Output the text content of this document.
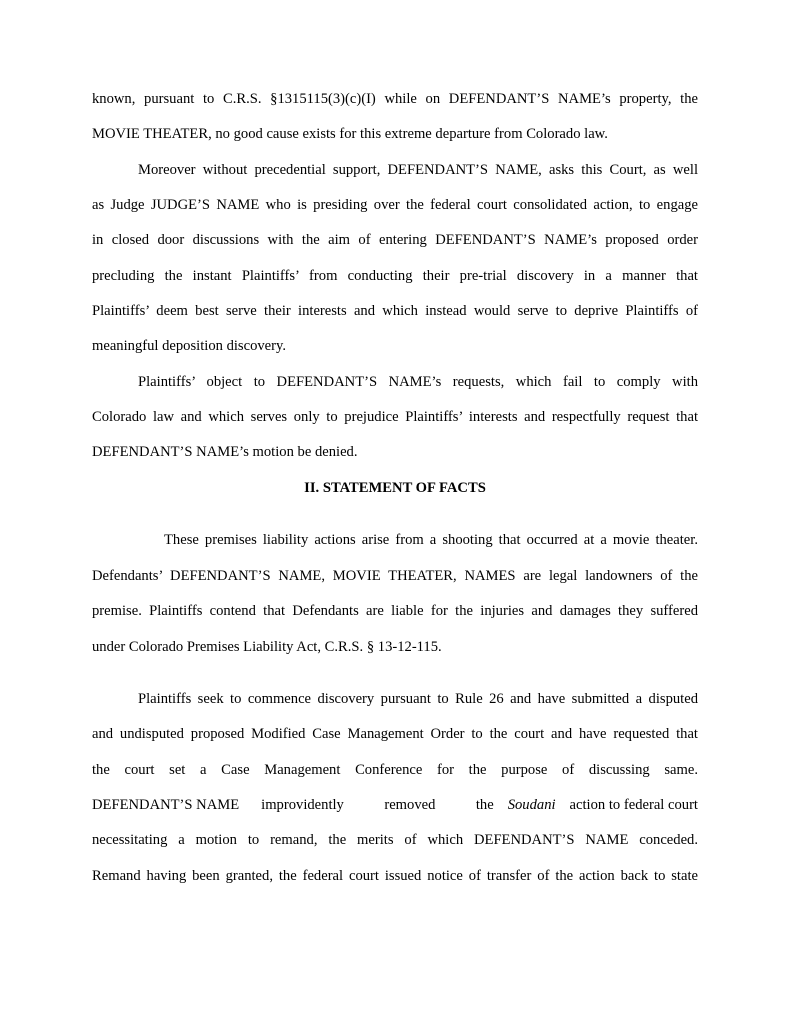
known, pursuant to C.R.S. §1315115(3)(c)(I) while on DEFENDANT’S NAME’s property, the
MOVIE THEATER, no good cause exists for this extreme departure from Colorado law.
Moreover without precedential support, DEFENDANT’S NAME, asks this Court, as well
as Judge JUDGE’S NAME who is presiding over the federal court consolidated action, to engage
in closed door discussions with the aim of entering DEFENDANT’S NAME’s proposed order
precluding the instant Plaintiffs’ from conducting their pre-trial discovery in a manner that
Plaintiffs’ deem best serve their interests and which instead would serve to deprive Plaintiffs of
meaningful deposition discovery.
Plaintiffs’ object to DEFENDANT’S NAME’s requests, which fail to comply with
Colorado law and which serves only to prejudice Plaintiffs’ interests and respectfully request that
DEFENDANT’S NAME’s motion be denied.
II. STATEMENT OF FACTS
These premises liability actions arise from a shooting that occurred at a movie theater.
Defendants’ DEFENDANT’S NAME, MOVIE THEATER, NAMES are legal landowners of the
premise. Plaintiffs contend that Defendants are liable for the injuries and damages they suffered
under Colorado Premises Liability Act, C.R.S. § 13-12-115.
Plaintiffs seek to commence discovery pursuant to Rule 26 and have submitted a disputed
and undisputed proposed Modified Case Management Order to the court and have requested that
the court set a Case Management Conference for the purpose of discussing same.
DEFENDANT’S NAME improvidently	removed	the Soudani action to federal court
necessitating a motion to remand, the merits of which DEFENDANT’S NAME conceded.
Remand having been granted, the federal court issued notice of transfer of the action back to state
